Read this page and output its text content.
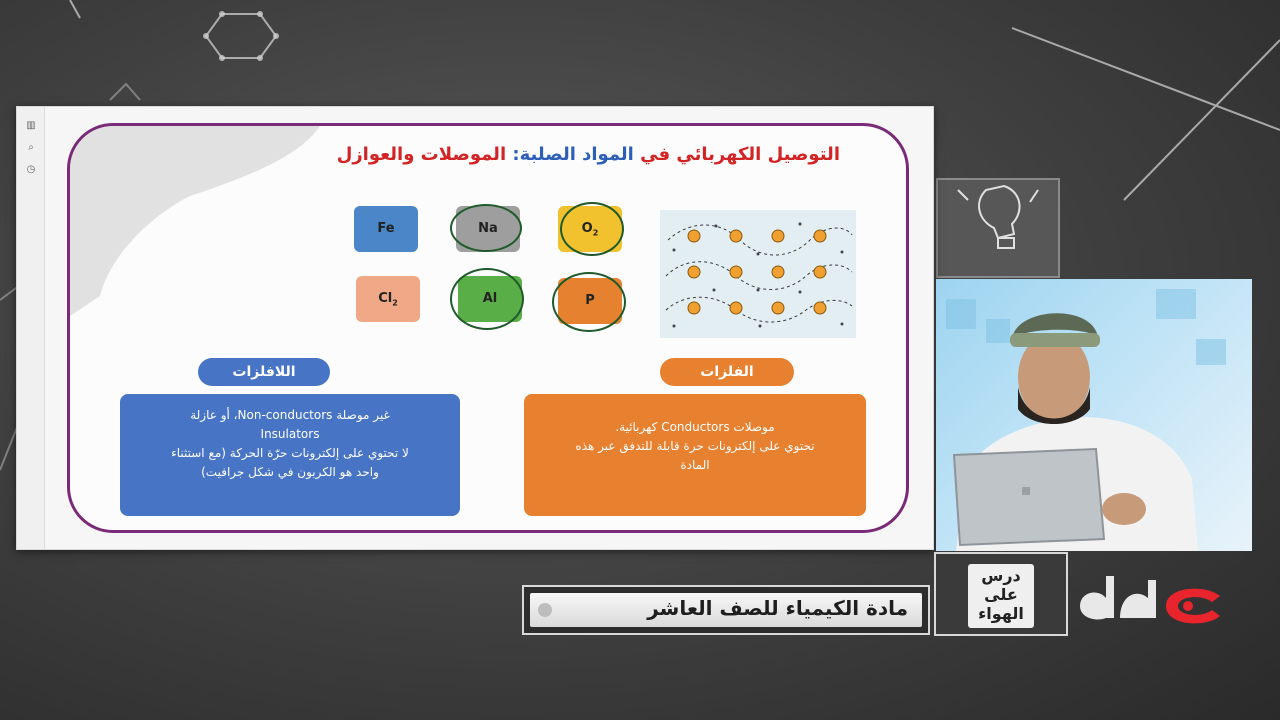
▥
⌕
◷
التوصيل الكهربائي في المواد الصلبة: الموصلات والعوازل
Fe	Na	$O_2$
$Cl_2$	Al	P
اللافلزات	الفلزات

غير موصلة Non-conductors، أو عازلة

Insulators

لا تحتوي على إلكترونات حرّة الحركة (مع استثناء

واحد هو الكربون في شكل جرافيت)

موصلات Conductors كهربائية.

تحتوي على إلكترونات حرة قابلة للتدفق عبر هذه

المادة

مادة الكيمياء للصف العاشر
درس
على
الهواء
